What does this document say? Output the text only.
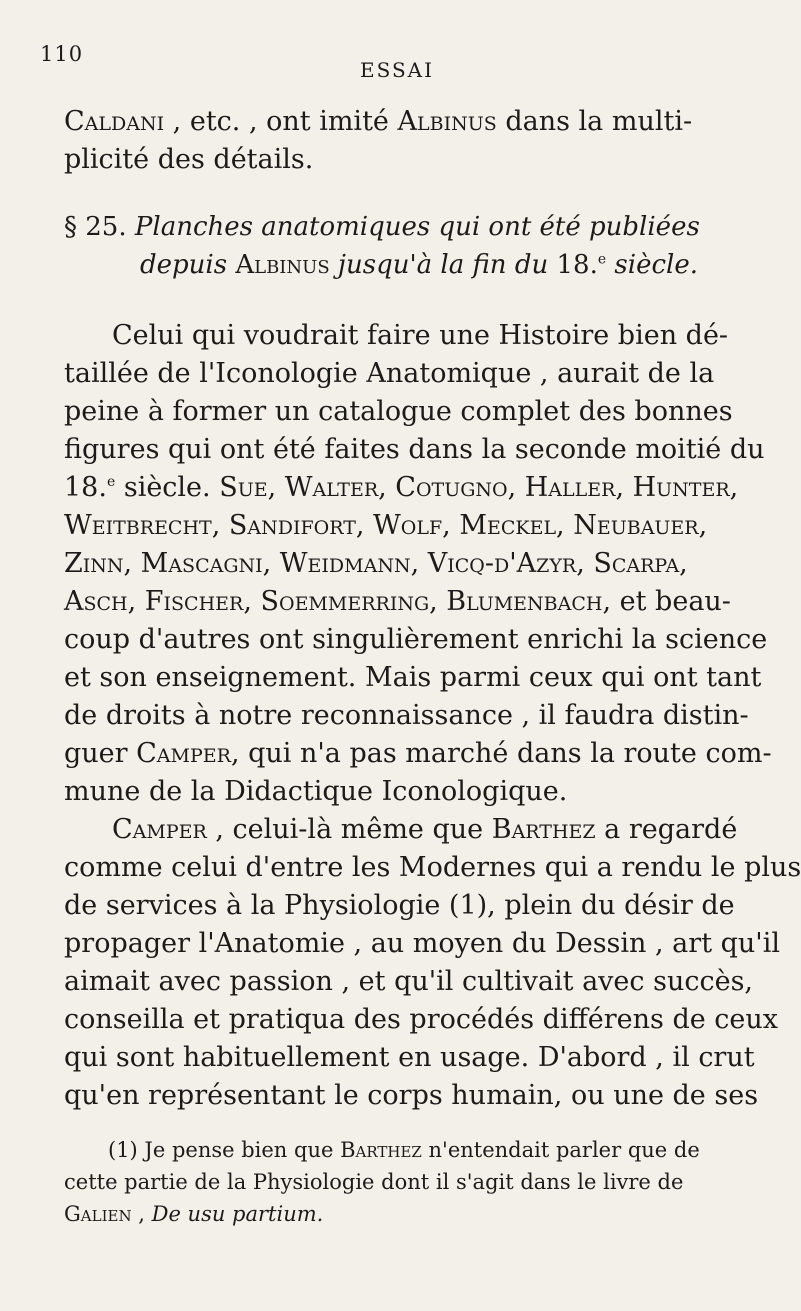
110
ESSAI
Caldani , etc. , ont imité Albinus dans la multi-
plicité des détails.
§ 25. Planches anatomiques qui ont été publiées
depuis Albinus jusqu'à la fin du 18.$^e$ siècle.
Celui qui voudrait faire une Histoire bien dé-
taillée de l'Iconologie Anatomique , aurait de la
peine à former un catalogue complet des bonnes
figures qui ont été faites dans la seconde moitié du
18.$^e$ siècle. Sue, Walter, Cotugno, Haller, Hunter,
Weitbrecht, Sandifort, Wolf, Meckel, Neubauer,
Zinn, Mascagni, Weidmann, Vicq-d'Azyr, Scarpa,
Asch, Fischer, Soemmerring, Blumenbach, et beau-
coup d'autres ont singulièrement enrichi la science
et son enseignement. Mais parmi ceux qui ont tant
de droits à notre reconnaissance , il faudra distin-
guer Camper, qui n'a pas marché dans la route com-
mune de la Didactique Iconologique.
Camper , celui-là même que Barthez a regardé
comme celui d'entre les Modernes qui a rendu le plus
de services à la Physiologie (1), plein du désir de
propager l'Anatomie , au moyen du Dessin , art qu'il
aimait avec passion , et qu'il cultivait avec succès,
conseilla et pratiqua des procédés différens de ceux
qui sont habituellement en usage. D'abord , il crut
qu'en représentant le corps humain, ou une de ses
(1) Je pense bien que Barthez n'entendait parler que de
cette partie de la Physiologie dont il s'agit dans le livre de
Galien , De usu partium.
